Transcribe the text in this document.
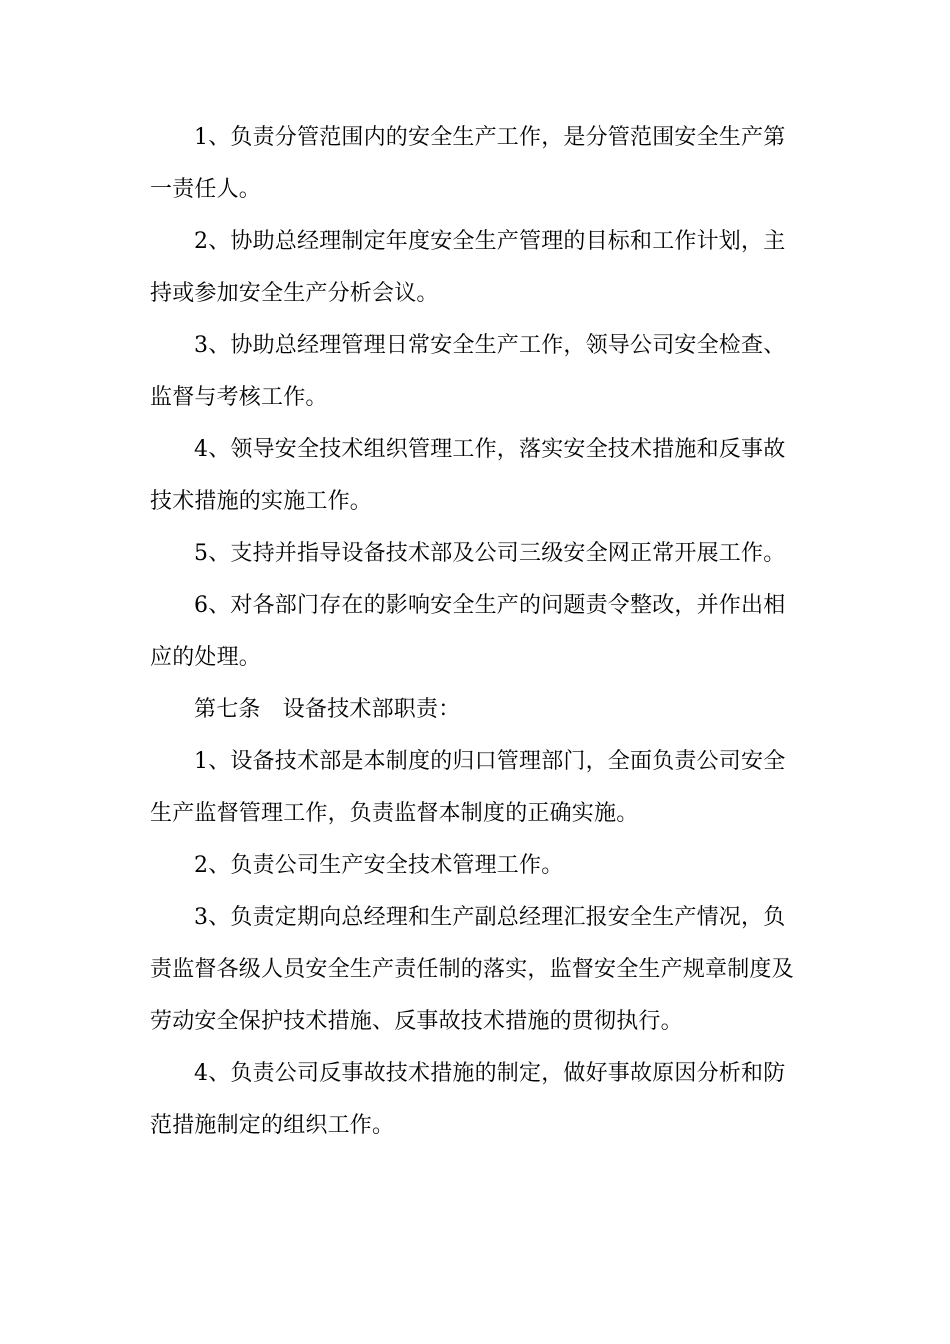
1、负责分管范围内的安全生产工作，是分管范围安全生产第
一责任人。
2、协助总经理制定年度安全生产管理的目标和工作计划，主
持或参加安全生产分析会议。
3、协助总经理管理日常安全生产工作，领导公司安全检查、
监督与考核工作。
4、领导安全技术组织管理工作，落实安全技术措施和反事故
技术措施的实施工作。
5、支持并指导设备技术部及公司三级安全网正常开展工作。
6、对各部门存在的影响安全生产的问题责令整改，并作出相
应的处理。
第七条　设备技术部职责：
1、设备技术部是本制度的归口管理部门，全面负责公司安全
生产监督管理工作，负责监督本制度的正确实施。
2、负责公司生产安全技术管理工作。
3、负责定期向总经理和生产副总经理汇报安全生产情况，负
责监督各级人员安全生产责任制的落实，监督安全生产规章制度及
劳动安全保护技术措施、反事故技术措施的贯彻执行。
4、负责公司反事故技术措施的制定，做好事故原因分析和防
范措施制定的组织工作。
